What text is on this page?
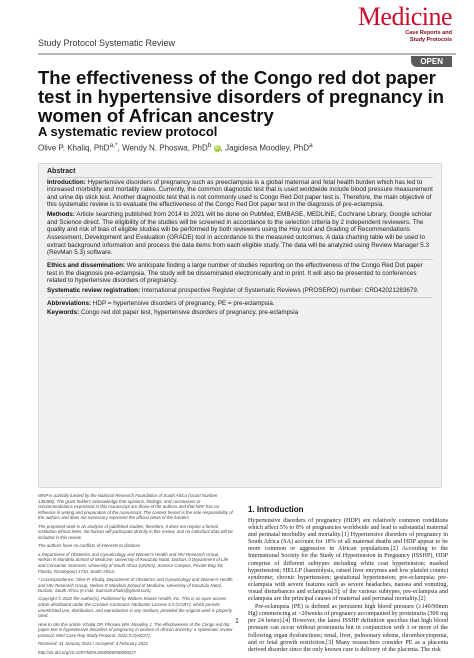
Medicine
Case Reports and
Study Protocols
Study Protocol Systematic Review
OPEN
The effectiveness of the Congo red dot paper test in hypertensive disorders of pregnancy in women of African ancestry
A systematic review protocol
Olive P. Khaliq, PhD$^{a,*}$, Wendy N. Phoswa, PhD$^b$ iD, Jagidesa Moodley, PhD$^a$
Abstract

Introduction: Hypertensive disorders of pregnancy such as preeclampsia is a global maternal and fetal health burden which has led to increased morbidity and mortality rates. Currently, the common diagnostic test that is used worldwide include blood pressure measurement and urine dip stick test. Another diagnostic test that is not commonly used is Congo Red Dot paper test is. Therefore, the main objective of this systematic review is to evaluate the effectiveness of the Congo Red Dot paper test in the diagnosis of pre-eclampsia.

Methods: Article searching published from 2014 to 2021 will be done on PubMed, EMBASE, MEDLINE, Cochrane Library, Google scholar and Science direct. The eligibility of the studies will be screened in accordance to the selection criteria by 2 independent reviewers. The quality and risk of bias of eligible studies will be performed by both reviewers using the Hoy tool and Grading of Recommendations Assessment, Development and Evaluation (GRADE) tool in accordance to the measured outcomes. A data charting table will be used to extract background information and process the data items from each eligible study. The data will be analyzed using Review Manager 5.3 (RevMan 5.3) software.

Ethics and dissemination: We anticipate finding a large number of studies reporting on the effectiveness of the Congo Red Dot paper test in the diagnosis pre-eclampsia. The study will be disseminated electronically and in print. It will also be presented to conferences related to hypertensive disorders of pregnancy.

Systematic review registration: International prospective Register of Systematic Reviews (PROSERO) number: CRD42021283679.

Abbreviations: HDP = hypertensive disorders of pregnancy, PE = pre-eclampsia.

Keywords: Congo red dot paper test, hypertensive disorders of pregnancy, pre-eclampsia

WNP is partially funded by the National Research Foundation of South Africa (Grant Number 138388). The grant holders acknowledge that opinions, findings, and conclusions or recommendations expressed in this manuscript are those of the authors and that NRF has no influence in writing and preparation of the manuscript. The content hereof is the sole responsibility of the authors and does not necessary represent the official views of the funders.

The proposed work is an analysis of published studies; therefore, it does not require a formal institution ethical letter. No human will participate directly in this review, and no individual data will be included in this review.

The authors have no conflicts of interests to disclose.

a Department of Obstetrics and Gynaecology and Women's Health and HIV Research Group, Nelson R Mandela School of Medicine, University of KwaZulu-Natal, Durban, b Department of Life and Consumer Sciences, University of South Africa (UNISA), Science Campus, Private Bag X6, Florida, Roodepoort 1710, South Africa.

* Correspondence: Olive P. Khaliq, Department of Obstetrics and Gynaecology and Women's Health and HIV Research Group, Nelson R Mandela School of Medicine, University of KwaZulu-Natal, Durban, South Africa (e-mail: Samnah.khaliq@gmail.com).

Copyright © 2022 the Author(s). Published by Wolters Kluwer Health, Inc. This is an open access article distributed under the Creative Commons Attribution License 4.0 (CCBY), which permits unrestricted use, distribution, and reproduction in any medium, provided the original work is properly cited.

How to cite this article: Khaliq OP, Phoswa WN, Moodley J. The effectiveness of the Congo red dot paper test in hypertensive disorders of pregnancy in women of African ancestry: a systematic review protocol. Med Case Rep Study Protocol. 2022;3:2(e0227).

Received: 31 January 2022 / Accepted: 4 February 2022

http://dx.doi.org/10.1097/MD9.0000000000000227

1. Introduction

Hypertensive disorders of pregnancy (HDP) are relatively common conditions which affect 5% to 8% of pregnancies worldwide and lead to substantial maternal and perinatal morbidity and mortality.[1] Hypertensive disorders of pregnancy in South Africa (SA) account for 18% of all maternal deaths and HDP appear to be more common or aggressive in African populations.[2] According to the International Society for the Study of Hypertension in Pregnancy (ISSHP), HDP comprise of different subtypes including white coat hypertension; masked hypertension; HELLP (haemolysis, raised liver enzymes and low platelet counts) syndrome; chronic hypertension; gestational hypertension; pre-eclampsia; pre-eclampsia with severe features such as severe headaches, nausea and vomiting, visual disturbances and eclampsia[3]; of the various subtypes, pre-eclampsia and eclampsia are the principal causes of maternal and perinatal mortality.[2]

Pre-eclampsia (PE) is defined as persistent high blood pressure (≥140/90mm Hg) commencing at >20weeks of pregnancy accompanied by proteinuria (300 mg per 24 hours).[4] However, the latest ISSHP definition specifies that high blood pressure can occur without proteinuria but in conjunction with 1 or more of the following organ dysfunctions; renal, liver, pulmonary edema, thrombocytopenia, and or fetal growth restriction.[3] Many researchers consider PE as a placenta derived disorder since the only known cure is delivery of the placenta. The risk

1
